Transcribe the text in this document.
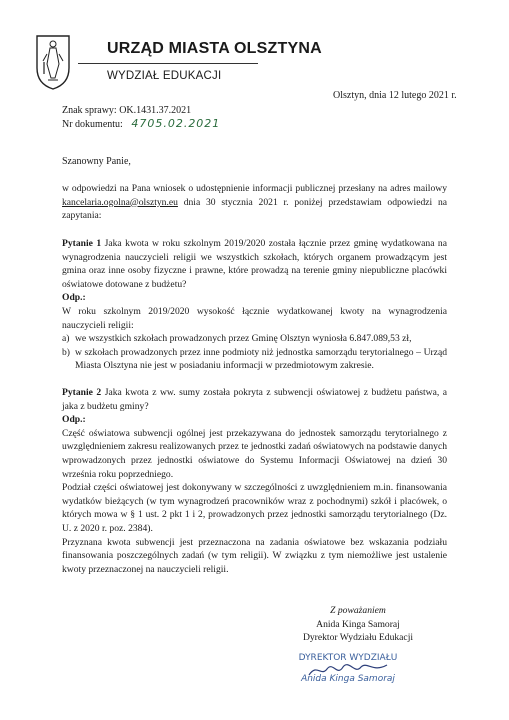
URZĄD MIASTA OLSZTYNA
WYDZIAŁ EDUKACJI
Olsztyn, dnia 12 lutego 2021 r.
Znak sprawy: OK.1431.37.2021
Nr dokumentu: 4705.02.2021
Szanowny Panie,

w odpowiedzi na Pana wniosek o udostępnienie informacji publicznej przesłany na adres mailowy kancelaria.ogolna@olsztyn.eu dnia 30 stycznia 2021 r. poniżej przedstawiam odpowiedzi na zapytania:

Pytanie 1 Jaka kwota w roku szkolnym 2019/2020 została łącznie przez gminę wydatkowana na wynagrodzenia nauczycieli religii we wszystkich szkołach, których organem prowadzącym jest gmina oraz inne osoby fizyczne i prawne, które prowadzą na terenie gminy niepubliczne placówki oświatowe dotowane z budżetu?

Odp.:

W roku szkolnym 2019/2020 wysokość łącznie wydatkowanej kwoty na wynagrodzenia nauczycieli religii:

a) we wszystkich szkołach prowadzonych przez Gminę Olsztyn wyniosła 6.847.089,53 zł,
b) w szkołach prowadzonych przez inne podmioty niż jednostka samorządu terytorialnego – Urząd Miasta Olsztyna nie jest w posiadaniu informacji w przedmiotowym zakresie.

Pytanie 2 Jaka kwota z ww. sumy została pokryta z subwencji oświatowej z budżetu państwa, a jaka z budżetu gminy?

Odp.:

Część oświatowa subwencji ogólnej jest przekazywana do jednostek samorządu terytorialnego z uwzględnieniem zakresu realizowanych przez te jednostki zadań oświatowych na podstawie danych wprowadzonych przez jednostki oświatowe do Systemu Informacji Oświatowej na dzień 30 września roku poprzedniego.

Podział części oświatowej jest dokonywany w szczególności z uwzględnieniem m.in. finansowania wydatków bieżących (w tym wynagrodzeń pracowników wraz z pochodnymi) szkół i placówek, o których mowa w § 1 ust. 2 pkt 1 i 2, prowadzonych przez jednostki samorządu terytorialnego (Dz. U. z 2020 r. poz. 2384).

Przyznana kwota subwencji jest przeznaczona na zadania oświatowe bez wskazania podziału finansowania poszczególnych zadań (w tym religii). W związku z tym niemożliwe jest ustalenie kwoty przeznaczonej na nauczycieli religii.

Z poważaniem
Anida Kinga Samoraj
Dyrektor Wydziału Edukacji
DYREKTOR WYDZIAŁU
Anida Kinga Samoraj
